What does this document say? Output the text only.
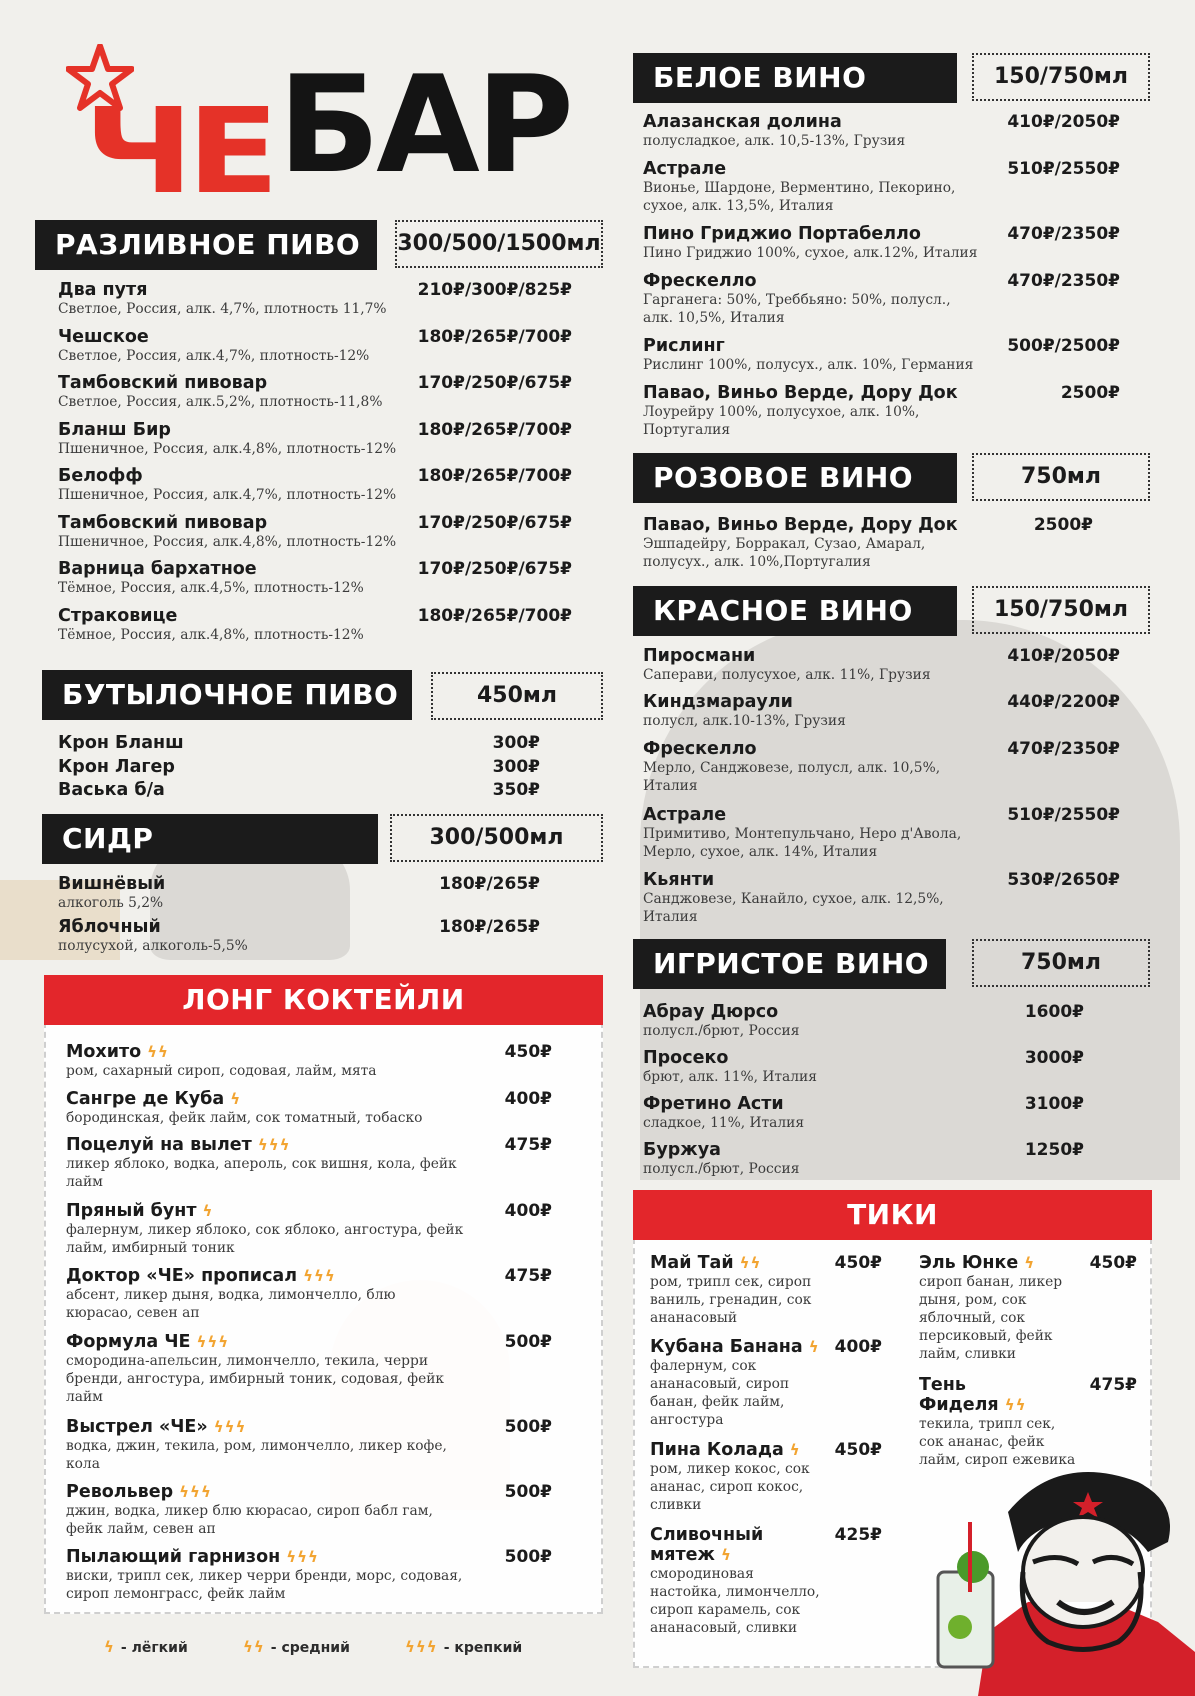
ЧЕ БАР
РАЗЛИВНОЕ ПИВО	300/500/1500мл
Два путя
Светлое, Россия, алк. 4,7%, плотность 11,7%
210₽/300₽/825₽
Чешское
Светлое, Россия, алк.4,7%, плотность-12%
180₽/265₽/700₽
Тамбовский пивовар
Светлое, Россия, алк.5,2%, плотность-11,8%
170₽/250₽/675₽
Бланш Бир
Пшеничное, Россия, алк.4,8%, плотность-12%
180₽/265₽/700₽
Белофф
Пшеничное, Россия, алк.4,7%, плотность-12%
180₽/265₽/700₽
Тамбовский пивовар
Пшеничное, Россия, алк.4,8%, плотность-12%
170₽/250₽/675₽
Варница бархатное
Тёмное, Россия, алк.4,5%, плотность-12%
170₽/250₽/675₽
Страковице
Тёмное, Россия, алк.4,8%, плотность-12%
180₽/265₽/700₽
БУТЫЛОЧНОЕ ПИВО	450мл
Крон Бланш	300₽
Крон Лагер	300₽
Васька б/а	350₽
СИДР	300/500мл
Вишнёвый
алкоголь 5,2%
180₽/265₽
Яблочный
полусухой, алкоголь-5,5%
180₽/265₽
ЛОНГ КОКТЕЙЛИ
Мохито ϟϟ
ром, сахарный сироп, содовая, лайм, мята
450₽
Сангре де Куба ϟ
бородинская, фейк лайм, сок томатный, тобаско
400₽
Поцелуй на вылет ϟϟϟ
ликер яблоко, водка, апероль, сок вишня, кола, фейк лайм
475₽
Пряный бунт ϟ
фалернум, ликер яблоко, сок яблоко, ангостура, фейк лайм, имбирный тоник
400₽
Доктор «ЧЕ» прописал ϟϟϟ
абсент, ликер дыня, водка, лимончелло, блю кюрасао, севен ап
475₽
Формула ЧЕ ϟϟϟ
смородина-апельсин, лимончелло, текила, черри бренди, ангостура, имбирный тоник, содовая, фейк лайм
500₽
Выстрел «ЧЕ» ϟϟϟ
водка, джин, текила, ром, лимончелло, ликер кофе, кола
500₽
Револьвер ϟϟϟ
джин, водка, ликер блю кюрасао, сироп бабл гам, фейк лайм, севен ап
500₽
Пылающий гарнизон ϟϟϟ
виски, трипл сек, ликер черри бренди, морс, содовая, сироп лемонграсс, фейк лайм
500₽
ϟ - лёгкий	ϟϟ - средний	ϟϟϟ - крепкий
БЕЛОЕ ВИНО	150/750мл
Алазанская долина
полусладкое, алк. 10,5-13%, Грузия
410₽/2050₽
Астрале
Вионье, Шардоне, Верментино, Пекорино, сухое, алк. 13,5%, Италия
510₽/2550₽
Пино Гриджио Портабелло
Пино Гриджио 100%, сухое, алк.12%, Италия
470₽/2350₽
Фрескелло
Гарганега: 50%, Треббьяно: 50%, полусл., алк. 10,5%, Италия
470₽/2350₽
Рислинг
Рислинг 100%, полусух., алк. 10%, Германия
500₽/2500₽
Павао, Виньо Верде, Дору Док
Лоурейру 100%, полусухое, алк. 10%, Португалия
2500₽
РОЗОВОЕ ВИНО	750мл
Павао, Виньо Верде, Дору Док
Эшпадейру, Борракал, Сузао, Амарал, полусух., алк. 10%,Португалия
2500₽
КРАСНОЕ ВИНО	150/750мл
Пиросмани
Саперави, полусухое, алк. 11%, Грузия
410₽/2050₽
Киндзмараули
полусл, алк.10-13%, Грузия
440₽/2200₽
Фрескелло
Мерло, Санджовезе, полусл, алк. 10,5%, Италия
470₽/2350₽
Астрале
Примитиво, Монтепульчано, Неро д'Авола, Мерло, сухое, алк. 14%, Италия
510₽/2550₽
Кьянти
Санджовезе, Канайло, сухое, алк. 12,5%, Италия
530₽/2650₽
ИГРИСТОЕ ВИНО	750мл
Абрау Дюрсо
полусл./брют, Россия
1600₽
Просеко
брют, алк. 11%, Италия
3000₽
Фретино Асти
сладкое, 11%, Италия
3100₽
Буржуа
полусл./брют, Россия
1250₽
ТИКИ
Май Тай ϟϟ
ром, трипл сек, сироп ваниль, гренадин, сок ананасовый
450₽
Кубана Банана ϟ
фалернум, сок ананасовый, сироп банан, фейк лайм, ангостура
400₽
Пина Колада ϟ
ром, ликер кокос, сок ананас, сироп кокос, сливки
450₽
Сливочный мятеж ϟ
смородиновая настойка, лимончелло, сироп карамель, сок ананасовый, сливки
425₽
Эль Юнке ϟ
сироп банан, ликер дыня, ром, сок яблочный, сок персиковый, фейк лайм, сливки
450₽
Тень Фиделя ϟϟ
текила, трипл сек, сок ананас, фейк лайм, сироп ежевика
475₽
